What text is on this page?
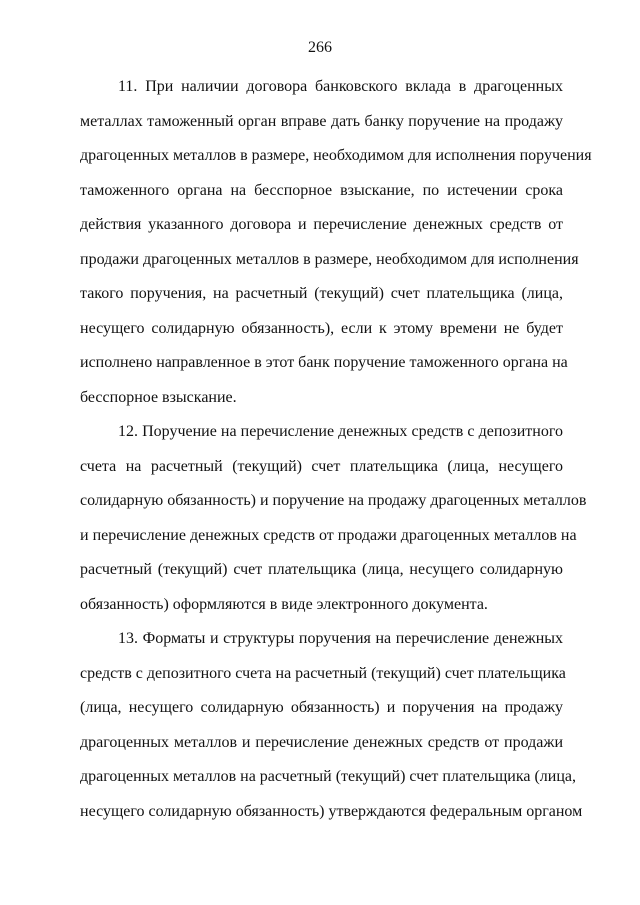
266

11. При наличии договора банковского вклада в драгоценных
металлах таможенный орган вправе дать банку поручение на продажу
драгоценных металлов в размере, необходимом для исполнения поручения
таможенного органа на бесспорное взыскание, по истечении срока
действия указанного договора и перечисление денежных средств от
продажи драгоценных металлов в размере, необходимом для исполнения
такого поручения, на расчетный (текущий) счет плательщика (лица,
несущего солидарную обязанность), если к этому времени не будет
исполнено направленное в этот банк поручение таможенного органа на
бесспорное взыскание.

12. Поручение на перечисление денежных средств с депозитного
счета на расчетный (текущий) счет плательщика (лица, несущего
солидарную обязанность) и поручение на продажу драгоценных металлов
и перечисление денежных средств от продажи драгоценных металлов на
расчетный (текущий) счет плательщика (лица, несущего солидарную
обязанность) оформляются в виде электронного документа.

13. Форматы и структуры поручения на перечисление денежных
средств с депозитного счета на расчетный (текущий) счет плательщика
(лица, несущего солидарную обязанность) и поручения на продажу
драгоценных металлов и перечисление денежных средств от продажи
драгоценных металлов на расчетный (текущий) счет плательщика (лица,
несущего солидарную обязанность) утверждаются федеральным органом
